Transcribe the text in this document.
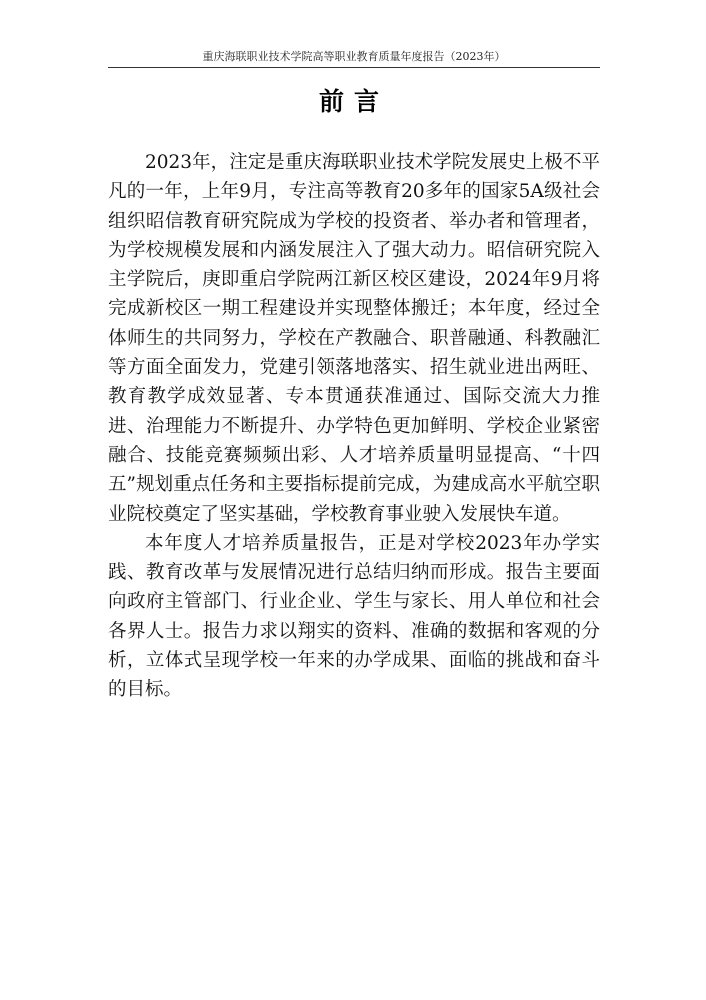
重庆海联职业技术学院高等职业教育质量年度报告（2023年）
前言

2023年，注定是重庆海联职业技术学院发展史上极不平凡的一年，上年9月，专注高等教育20多年的国家5A级社会组织昭信教育研究院成为学校的投资者、举办者和管理者，为学校规模发展和内涵发展注入了强大动力。昭信研究院入主学院后，庚即重启学院两江新区校区建设，2024年9月将完成新校区一期工程建设并实现整体搬迁；本年度，经过全体师生的共同努力，学校在产教融合、职普融通、科教融汇等方面全面发力，党建引领落地落实、招生就业进出两旺、教育教学成效显著、专本贯通获准通过、国际交流大力推进、治理能力不断提升、办学特色更加鲜明、学校企业紧密融合、技能竞赛频频出彩、人才培养质量明显提高、“十四五”规划重点任务和主要指标提前完成，为建成高水平航空职业院校奠定了坚实基础，学校教育事业驶入发展快车道。

本年度人才培养质量报告，正是对学校2023年办学实践、教育改革与发展情况进行总结归纳而形成。报告主要面向政府主管部门、行业企业、学生与家长、用人单位和社会各界人士。报告力求以翔实的资料、准确的数据和客观的分析，立体式呈现学校一年来的办学成果、面临的挑战和奋斗的目标。
